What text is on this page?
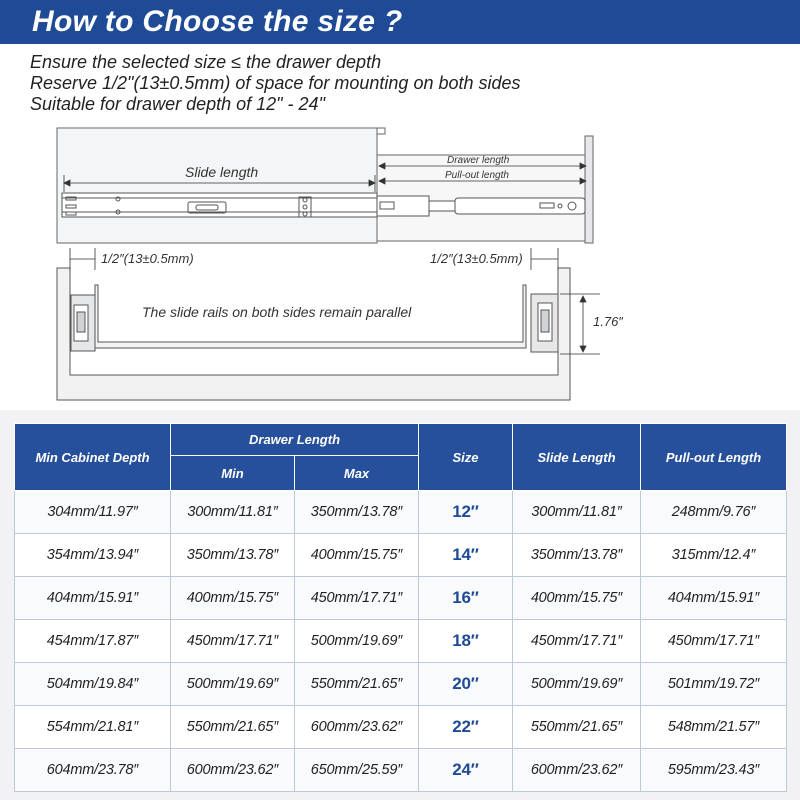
How to Choose the size ?
Ensure the selected size ≤ the drawer depth
Reserve 1/2"(13±0.5mm) of space for mounting on both sides
Suitable for drawer depth of 12" - 24"
Slide length
Drawer length
Pull-out length
1/2″(13±0.5mm)	1/2″(13±0.5mm)
The slide rails on both sides remain parallel
1.76″
Min Cabinet Depth	Drawer Length		Size	Slide Length	Pull-out Length
	Min	Max			
304mm/11.97″	300mm/11.81″	350mm/13.78″	12″	300mm/11.81″	248mm/9.76″
354mm/13.94″	350mm/13.78″	400mm/15.75″	14″	350mm/13.78″	315mm/12.4″
404mm/15.91″	400mm/15.75″	450mm/17.71″	16″	400mm/15.75″	404mm/15.91″
454mm/17.87″	450mm/17.71″	500mm/19.69″	18″	450mm/17.71″	450mm/17.71″
504mm/19.84″	500mm/19.69″	550mm/21.65″	20″	500mm/19.69″	501mm/19.72″
554mm/21.81″	550mm/21.65″	600mm/23.62″	22″	550mm/21.65″	548mm/21.57″
604mm/23.78″	600mm/23.62″	650mm/25.59″	24″	600mm/23.62″	595mm/23.43″
